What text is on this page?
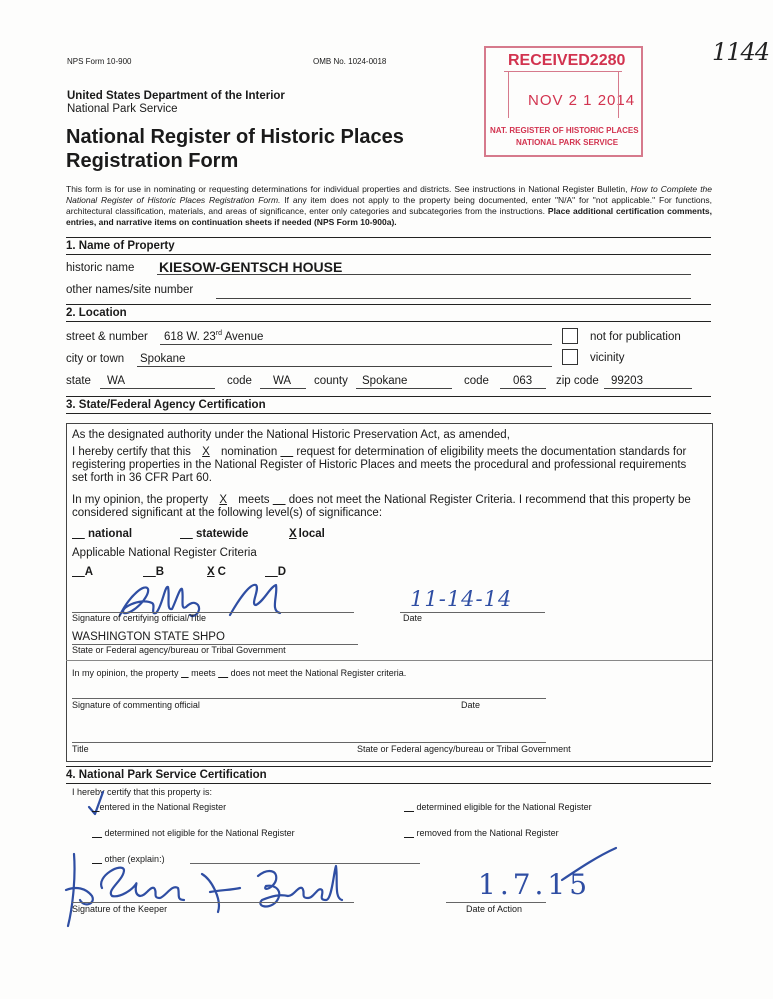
NPS Form 10-900	OMB No. 1024-0018	1144
United States Department of the Interior
National Park Service
National Register of Historic Places
Registration Form
RECEIVED2280
NOV 2 1 2014
NAT. REGISTER OF HISTORIC PLACES
NATIONAL PARK SERVICE
This form is for use in nominating or requesting determinations for individual properties and districts. See instructions in National Register Bulletin, How to Complete the National Register of Historic Places Registration Form. If any item does not apply to the property being documented, enter "N/A" for "not applicable." For functions, architectural classification, materials, and areas of significance, enter only categories and subcategories from the instructions. Place additional certification comments, entries, and narrative items on continuation sheets if needed (NPS Form 10-900a).
1. Name of Property
historic name KIESOW-GENTSCH HOUSE
other names/site number
2. Location
street & number 618 W. 23rd Avenue	not for publication
city or town Spokane	vicinity
state WA	code WA county Spokane	code 063 zip code 99203
3. State/Federal Agency Certification
As the designated authority under the National Historic Preservation Act, as amended,
I hereby certify that this X nomination      request for determination of eligibility meets the documentation standards for registering properties in the National Register of Historic Places and meets the procedural and professional requirements set forth in 36 CFR Part 60.
In my opinion, the property X meets      does not meet the National Register Criteria. I recommend that this property be considered significant at the following level(s) of significance:
national	statewide	X local
Applicable National Register Criteria
A	B	X C	D
Signature of certifying official/Title
11-14-14
Date
WASHINGTON STATE SHPO
State or Federal agency/bureau or Tribal Government
In my opinion, the property     meets      does not meet the National Register criteria.
Signature of commenting official	Date
Title	State or Federal agency/bureau or Tribal Government
4. National Park Service Certification
I hereby certify that this property is:
entered in the National Register	determined eligible for the National Register
determined not eligible for the National Register	removed from the National Register
other (explain:)
Signature of the Keeper
1.7.15
Date of Action
